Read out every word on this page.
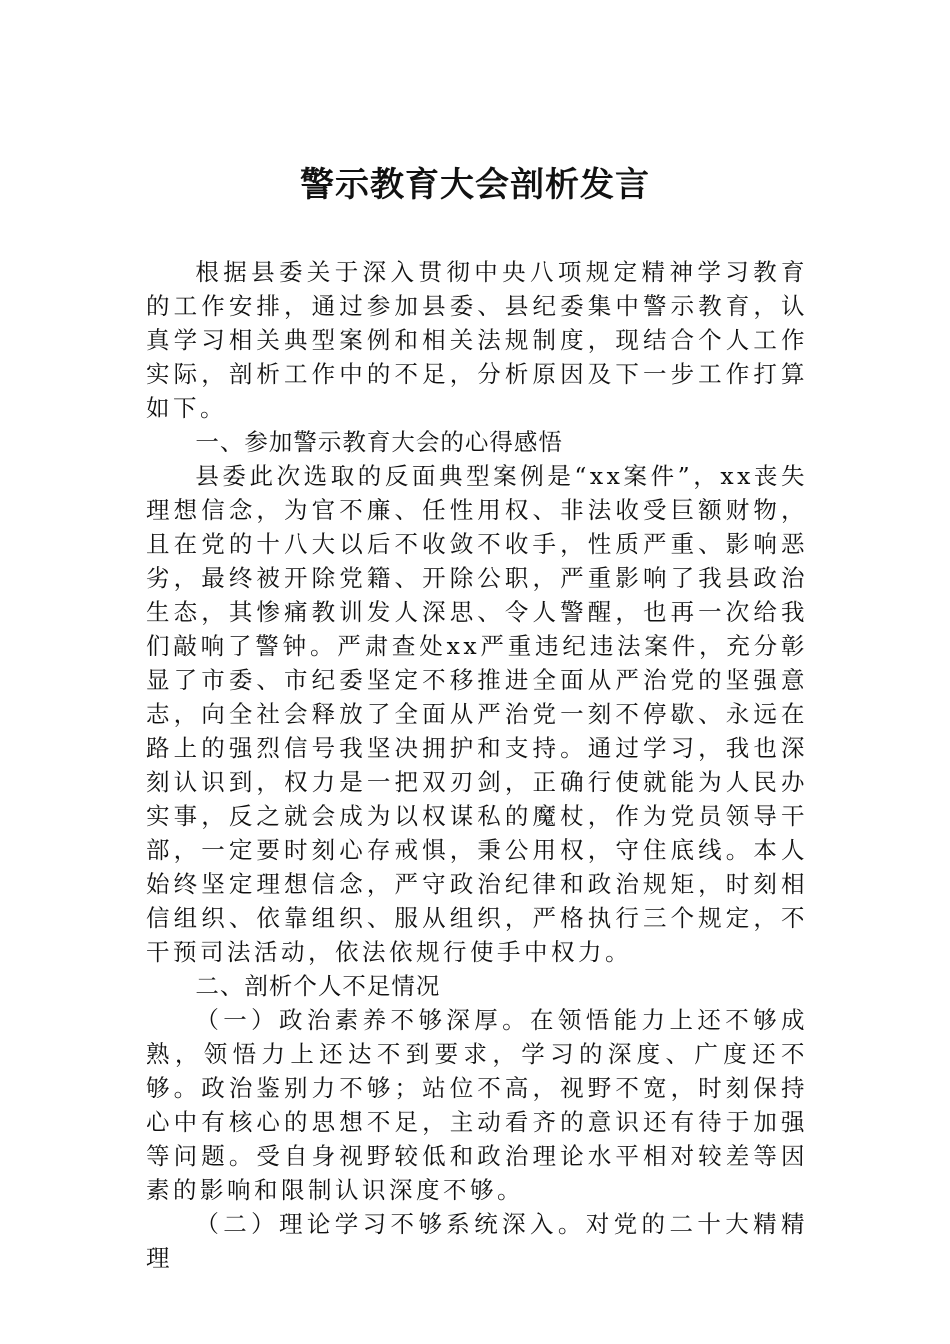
警示教育大会剖析发言

根据县委关于深入贯彻中央八项规定精神学习教育的工作安排，通过参加县委、县纪委集中警示教育，认真学习相关典型案例和相关法规制度，现结合个人工作实际，剖析工作中的不足，分析原因及下一步工作打算如下。

一、参加警示教育大会的心得感悟

县委此次选取的反面典型案例是“xx案件”，xx丧失理想信念，为官不廉、任性用权、非法收受巨额财物，且在党的十八大以后不收敛不收手，性质严重、影响恶劣，最终被开除党籍、开除公职，严重影响了我县政治生态，其惨痛教训发人深思、令人警醒，也再一次给我们敲响了警钟。严肃查处xx严重违纪违法案件，充分彰显了市委、市纪委坚定不移推进全面从严治党的坚强意志，向全社会释放了全面从严治党一刻不停歇、永远在路上的强烈信号我坚决拥护和支持。通过学习，我也深刻认识到，权力是一把双刃剑，正确行使就能为人民办实事，反之就会成为以权谋私的魔杖，作为党员领导干部，一定要时刻心存戒惧，秉公用权，守住底线。本人始终坚定理想信念，严守政治纪律和政治规矩，时刻相信组织、依靠组织、服从组织，严格执行三个规定，不干预司法活动，依法依规行使手中权力。

二、剖析个人不足情况

（一）政治素养不够深厚。在领悟能力上还不够成熟，领悟力上还达不到要求，学习的深度、广度还不够。政治鉴别力不够；站位不高，视野不宽，时刻保持心中有核心的思想不足，主动看齐的意识还有待于加强等问题。受自身视野较低和政治理论水平相对较差等因素的影响和限制认识深度不够。

（二）理论学习不够系统深入。对党的二十大精精理
